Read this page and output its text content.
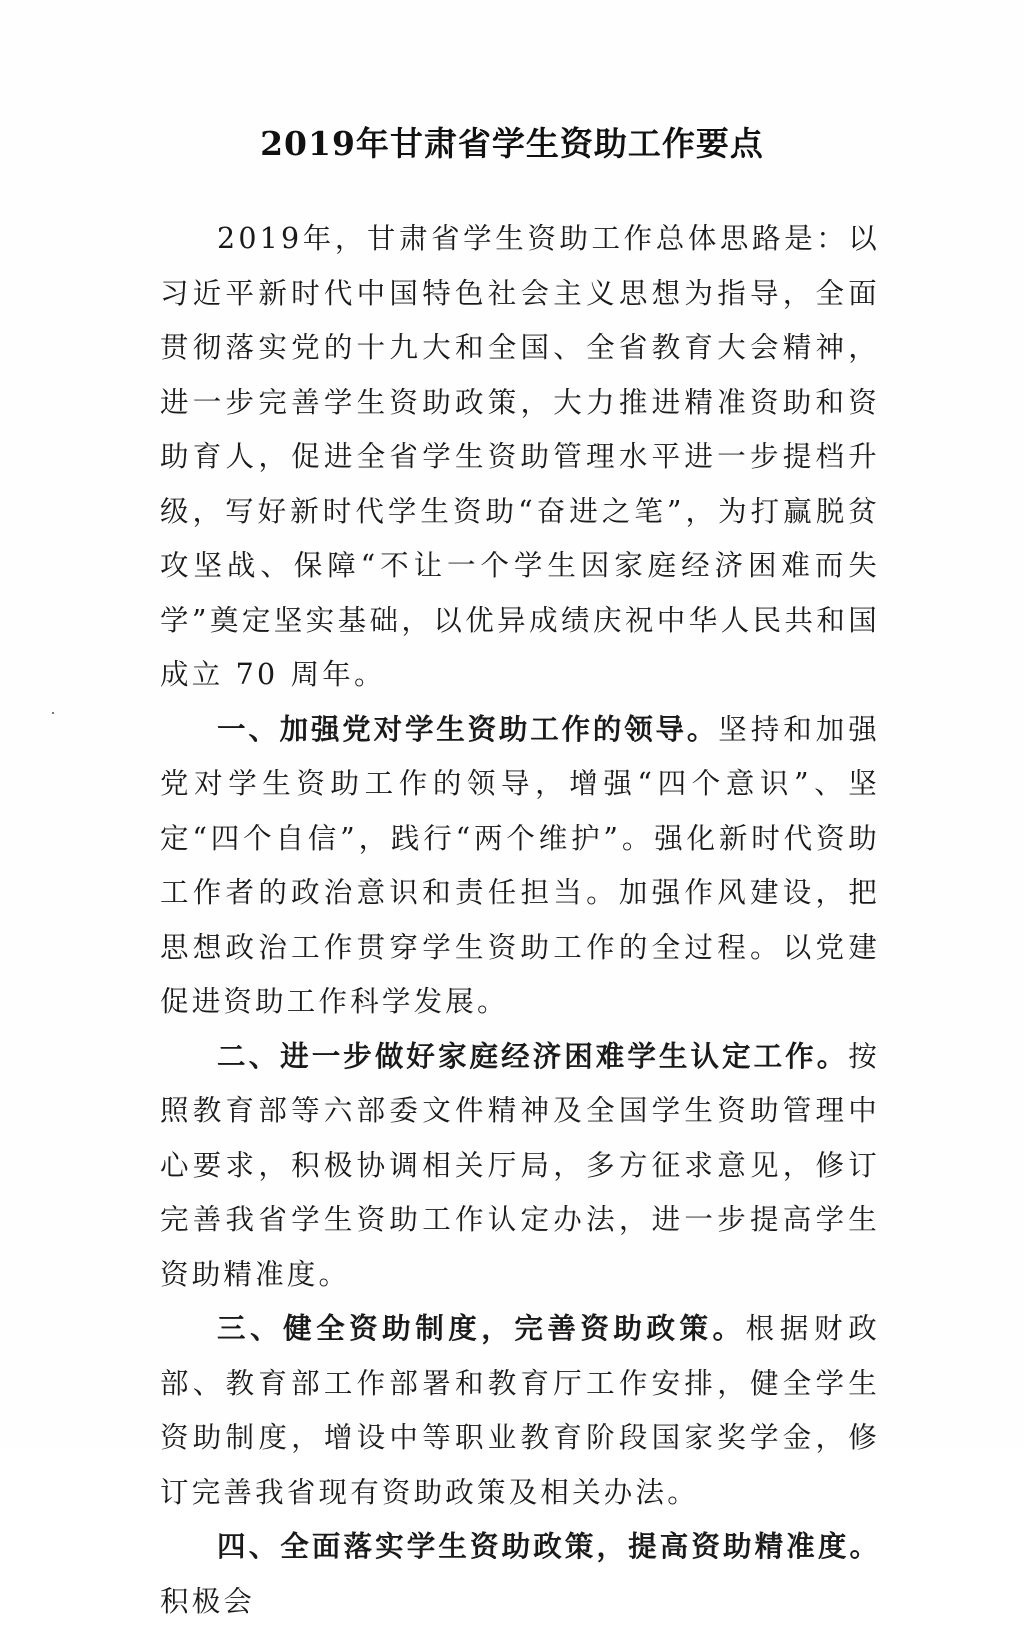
2019年甘肃省学生资助工作要点

2019年，甘肃省学生资助工作总体思路是：以习近平新时代中国特色社会主义思想为指导，全面贯彻落实党的十九大和全国、全省教育大会精神，进一步完善学生资助政策，大力推进精准资助和资助育人，促进全省学生资助管理水平进一步提档升级，写好新时代学生资助“奋进之笔”，为打赢脱贫攻坚战、保障“不让一个学生因家庭经济困难而失学”奠定坚实基础，以优异成绩庆祝中华人民共和国成立 70 周年。

一、加强党对学生资助工作的领导。坚持和加强党对学生资助工作的领导，增强“四个意识”、坚定“四个自信”，践行“两个维护”。强化新时代资助工作者的政治意识和责任担当。加强作风建设，把思想政治工作贯穿学生资助工作的全过程。以党建促进资助工作科学发展。

二、进一步做好家庭经济困难学生认定工作。按照教育部等六部委文件精神及全国学生资助管理中心要求，积极协调相关厅局，多方征求意见，修订完善我省学生资助工作认定办法，进一步提高学生资助精准度。

三、健全资助制度，完善资助政策。根据财政部、教育部工作部署和教育厅工作安排，健全学生资助制度，增设中等职业教育阶段国家奖学金，修订完善我省现有资助政策及相关办法。

四、全面落实学生资助政策，提高资助精准度。积极会
